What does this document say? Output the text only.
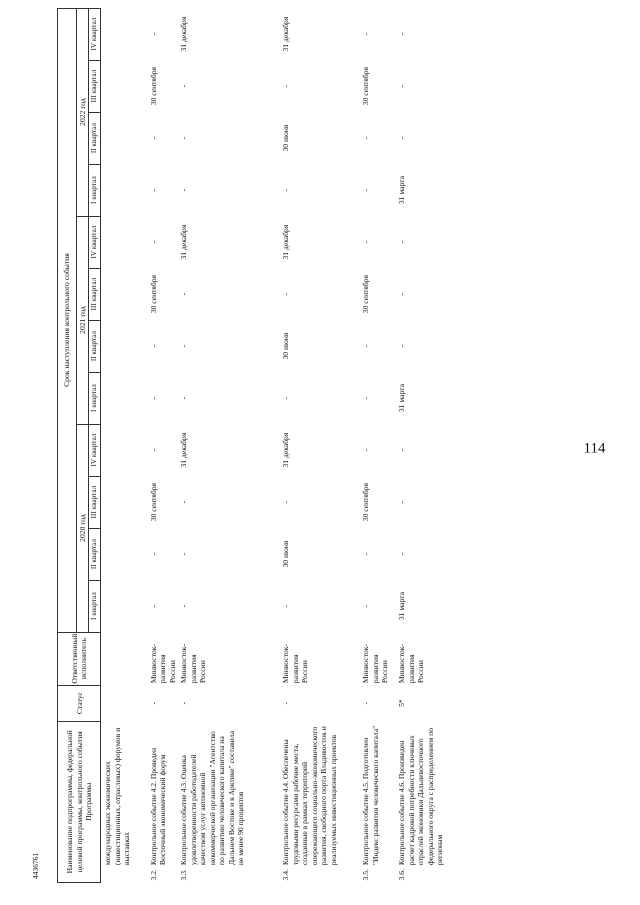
114
4436761	Наименование подпрограммы, федеральной целевой программы, контрольного события Программы		Статус	Ответственный исполнитель	Срок наступления контрольного события											
				2020 год				2021 год				2022 год			
				I квартал	II квартал	III квартал	IV квартал	I квартал	II квартал	III квартал	IV квартал	I квартал	II квартал	III квартал	IV квартал
	международных экономических (инвестиционных, отраслевых) форумов и выставках														
3.2.	Контрольное событие 4.2. Проведен Восточный экономический форум	-	Минвосток-развития России	-	-	30 сентября	-	-	-	30 сентября	-	-	-	30 сентября	-
3.3.	Контрольное событие 4.3. Оценка удовлетворенности работодателей качеством услуг автономной некоммерческой организации "Агентство по развитию человеческого капитала на Дальнем Востоке и в Арктике" составила не менее 90 процентов	-	Минвосток-развития России	-	-	-	31 декабря	-	-	-	31 декабря	-	-	-	31 декабря
3.4.	Контрольное событие 4.4. Обеспечены трудовыми ресурсами рабочие места, созданные в рамках территорий опережающего социально-экономического развития, свободного порта Владивосток и реализуемых инвестиционных проектов	-	Минвосток-развития России	-	30 июня	-	31 декабря	-	30 июня	-	31 декабря	-	30 июня	-	31 декабря
3.5.	Контрольное событие 4.5. Подготовлен "Индекс развития человеческого капитала"	-	Минвосток-развития России	-	-	30 сентября	-	-	-	30 сентября	-	-	-	30 сентября	-
3.6.	Контрольное событие 4.6. Произведен расчет кадровой потребности ключевых отраслей экономики Дальневосточного федерального округа с распределением по регионам	5*	Минвосток-развития России	31 марта	-	-	-	31 марта	-	-	-	31 марта	-	-	-
